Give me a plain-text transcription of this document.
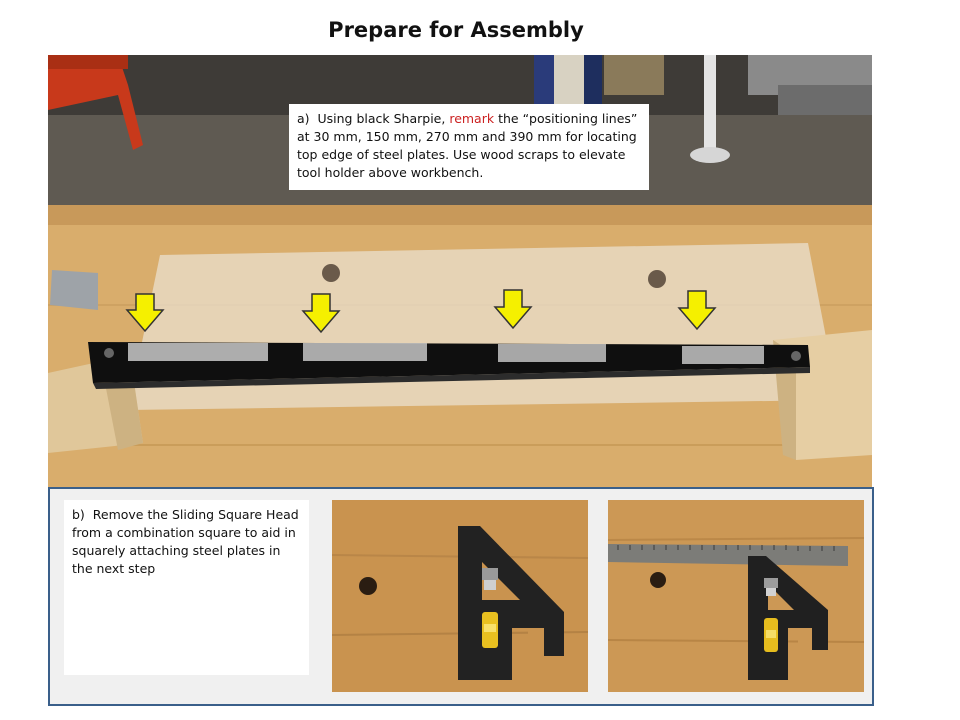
Prepare for Assembly
a) Using black Sharpie, remark the “positioning lines” at 30 mm, 150 mm, 270 mm and 390 mm for locating top edge of steel plates. Use wood scraps to elevate tool holder above workbench.
b) Remove the Sliding Square Head from a combination square to aid in squarely attaching steel plates in the next step
